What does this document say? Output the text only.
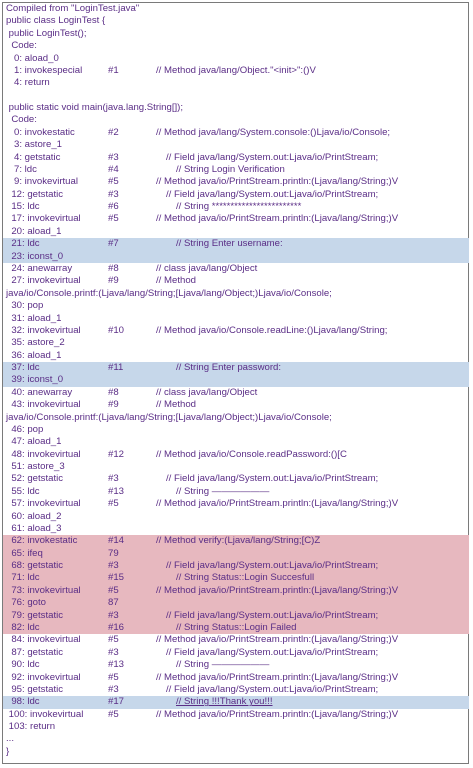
Compiled from "LoginTest.java"
public class LoginTest {
public LoginTest();
Code:
0: aload_0
1: invokespecial	#1	// Method java/lang/Object."<init>":()V
4: return
public static void main(java.lang.String[]);
Code:
0: invokestatic	#2	// Method java/lang/System.console:()Ljava/io/Console;
3: astore_1
4: getstatic	#3	// Field java/lang/System.out:Ljava/io/PrintStream;
7: ldc	#4	// String Login Verification
9: invokevirtual	#5	// Method java/io/PrintStream.println:(Ljava/lang/String;)V
12: getstatic	#3	// Field java/lang/System.out:Ljava/io/PrintStream;
15: ldc	#6	// String ************************
17: invokevirtual	#5	// Method java/io/PrintStream.println:(Ljava/lang/String;)V
20: aload_1
21: ldc	#7	// String Enter username:
23: iconst_0
24: anewarray	#8	// class java/lang/Object
27: invokevirtual	#9	// Method
java/io/Console.printf:(Ljava/lang/String;[Ljava/lang/Object;)Ljava/io/Console;
30: pop
31: aload_1
32: invokevirtual	#10	// Method java/io/Console.readLine:()Ljava/lang/String;
35: astore_2
36: aload_1
37: ldc	#11	// String Enter password:
39: iconst_0
40: anewarray	#8	// class java/lang/Object
43: invokevirtual	#9	// Method
java/io/Console.printf:(Ljava/lang/String;[Ljava/lang/Object;)Ljava/io/Console;
46: pop
47: aload_1
48: invokevirtual	#12	// Method java/io/Console.readPassword:()[C
51: astore_3
52: getstatic	#3	// Field java/lang/System.out:Ljava/io/PrintStream;
55: ldc	#13	// String ——————
57: invokevirtual	#5	// Method java/io/PrintStream.println:(Ljava/lang/String;)V
60: aload_2
61: aload_3
62: invokestatic	#14	// Method verify:(Ljava/lang/String;[C)Z
65: ifeq	79
68: getstatic	#3	// Field java/lang/System.out:Ljava/io/PrintStream;
71: ldc	#15	// String Status::Login Succesfull
73: invokevirtual	#5	// Method java/io/PrintStream.println:(Ljava/lang/String;)V
76: goto	87
79: getstatic	#3	// Field java/lang/System.out:Ljava/io/PrintStream;
82: ldc	#16	// String Status::Login Failed
84: invokevirtual	#5	// Method java/io/PrintStream.println:(Ljava/lang/String;)V
87: getstatic	#3	// Field java/lang/System.out:Ljava/io/PrintStream;
90: ldc	#13	// String ——————
92: invokevirtual	#5	// Method java/io/PrintStream.println:(Ljava/lang/String;)V
95: getstatic	#3	// Field java/lang/System.out:Ljava/io/PrintStream;
98: ldc	#17	// String !!!Thank you!!!
100: invokevirtual	#5	// Method java/io/PrintStream.println:(Ljava/lang/String;)V
103: return
...
}
